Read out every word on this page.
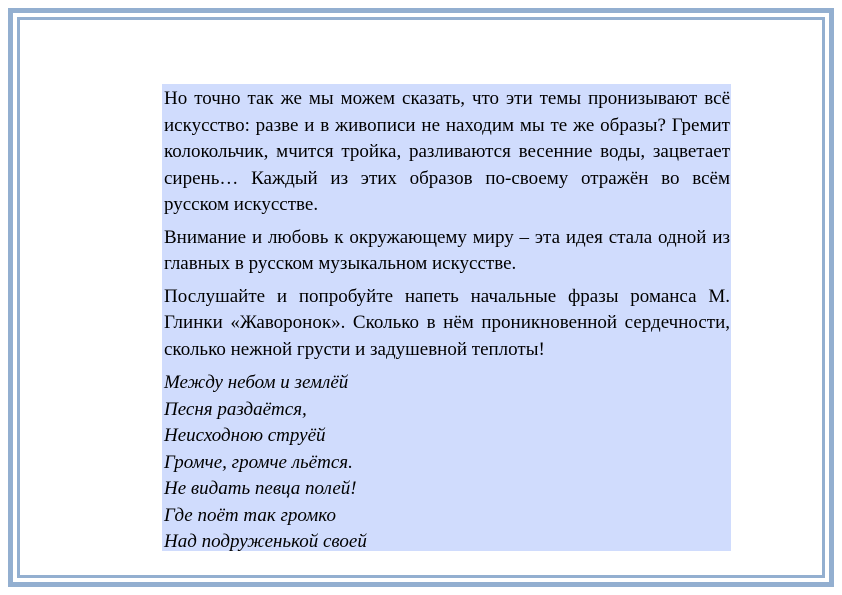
Но точно так же мы можем сказать, что эти темы пронизывают всё искусство: разве и в живописи не находим мы те же образы? Гремит колокольчик, мчится тройка, разливаются весенние воды, зацветает сирень… Каждый из этих образов по-своему отражён во всём русском искусстве.

Внимание и любовь к окружающему миру – эта идея стала одной из главных в русском музыкальном искусстве.

Послушайте и попробуйте напеть начальные фразы романса М. Глинки «Жаворонок». Сколько в нём проникновенной сердечности, сколько нежной грусти и задушевной теплоты!

Между небом и землёй
Песня раздаётся,
Неисходною струёй
Громче, громче льётся.
Не видать певца полей!
Где поёт так громко
Над подруженькой своей
